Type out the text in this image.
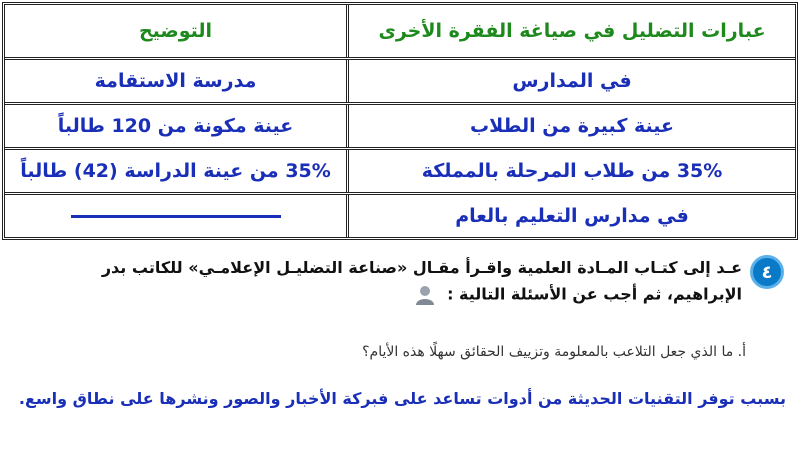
عبارات التضليل في صياغة الفقرة الأخرى
التوضيح
في المدارس
مدرسة الاستقامة
عينة كبيرة من الطلاب
عينة مكونة من 120 طالباً
35% من طلاب المرحلة بالمملكة
35% من عينة الدراسة (42) طالباً
في مدارس التعليم بالعام
٤
عـد إلى كتـاب المـادة العلمية واقـرأ مقـال «صناعة التضليـل الإعلامـي» للكاتب بدر
الإبراهيم، ثم أجب عن الأسئلة التالية :
أ. ما الذي جعل التلاعب بالمعلومة وتزييف الحقائق سهلًا هذه الأيام؟
بسبب توفر التقنيات الحديثة من أدوات تساعد على فبركة الأخبار والصور ونشرها على نطاق واسع.
